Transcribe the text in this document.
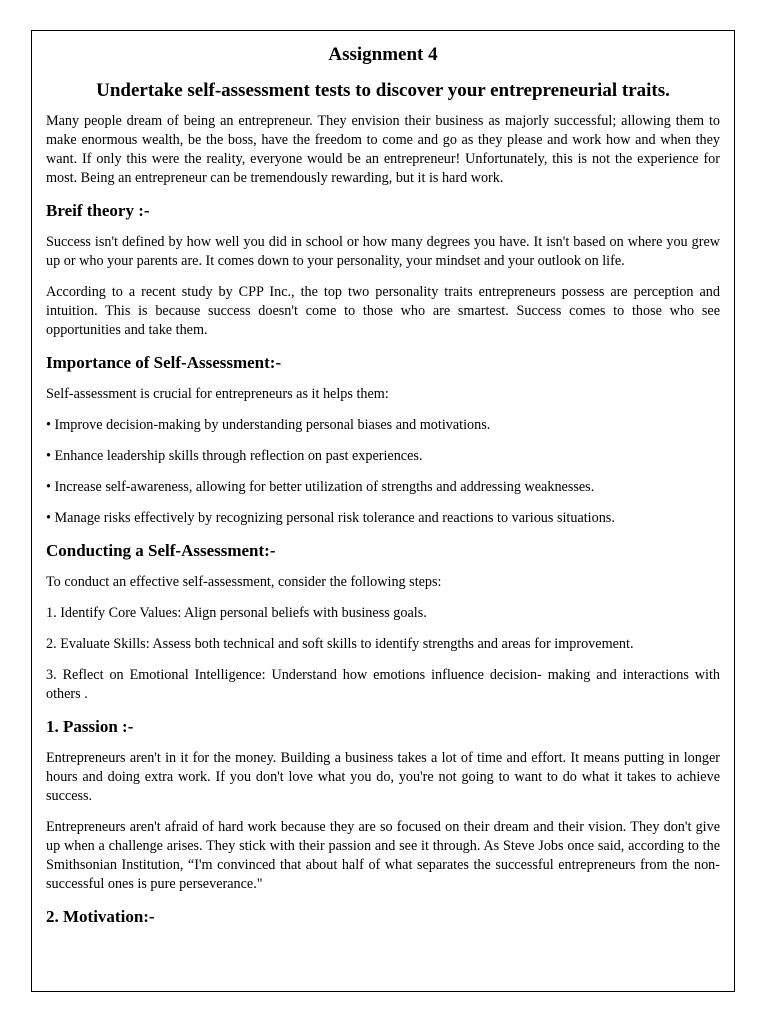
Assignment 4
Undertake self-assessment tests to discover your entrepreneurial traits.

Many people dream of being an entrepreneur. They envision their business as majorly successful; allowing them to make enormous wealth, be the boss, have the freedom to come and go as they please and work how and when they want. If only this were the reality, everyone would be an entrepreneur! Unfortunately, this is not the experience for most. Being an entrepreneur can be tremendously rewarding, but it is hard work.

Breif theory :-

Success isn't defined by how well you did in school or how many degrees you have. It isn't based on where you grew up or who your parents are. It comes down to your personality, your mindset and your outlook on life.

According to a recent study by CPP Inc., the top two personality traits entrepreneurs possess are perception and intuition. This is because success doesn't come to those who are smartest. Success comes to those who see opportunities and take them.

Importance of Self-Assessment:-

Self-assessment is crucial for entrepreneurs as it helps them:

• Improve decision-making by understanding personal biases and motivations.

• Enhance leadership skills through reflection on past experiences.

• Increase self-awareness, allowing for better utilization of strengths and addressing weaknesses.

• Manage risks effectively by recognizing personal risk tolerance and reactions to various situations.

Conducting a Self-Assessment:-

To conduct an effective self-assessment, consider the following steps:

1. Identify Core Values: Align personal beliefs with business goals.

2. Evaluate Skills: Assess both technical and soft skills to identify strengths and areas for improvement.

3. Reflect on Emotional Intelligence: Understand how emotions influence decision- making and interactions with others .

1. Passion :-

Entrepreneurs aren't in it for the money. Building a business takes a lot of time and effort. It means putting in longer hours and doing extra work. If you don't love what you do, you're not going to want to do what it takes to achieve success.

Entrepreneurs aren't afraid of hard work because they are so focused on their dream and their vision. They don't give up when a challenge arises. They stick with their passion and see it through. As Steve Jobs once said, according to the Smithsonian Institution, “I'm convinced that about half of what separates the successful entrepreneurs from the non-successful ones is pure perseverance."

2. Motivation:-
